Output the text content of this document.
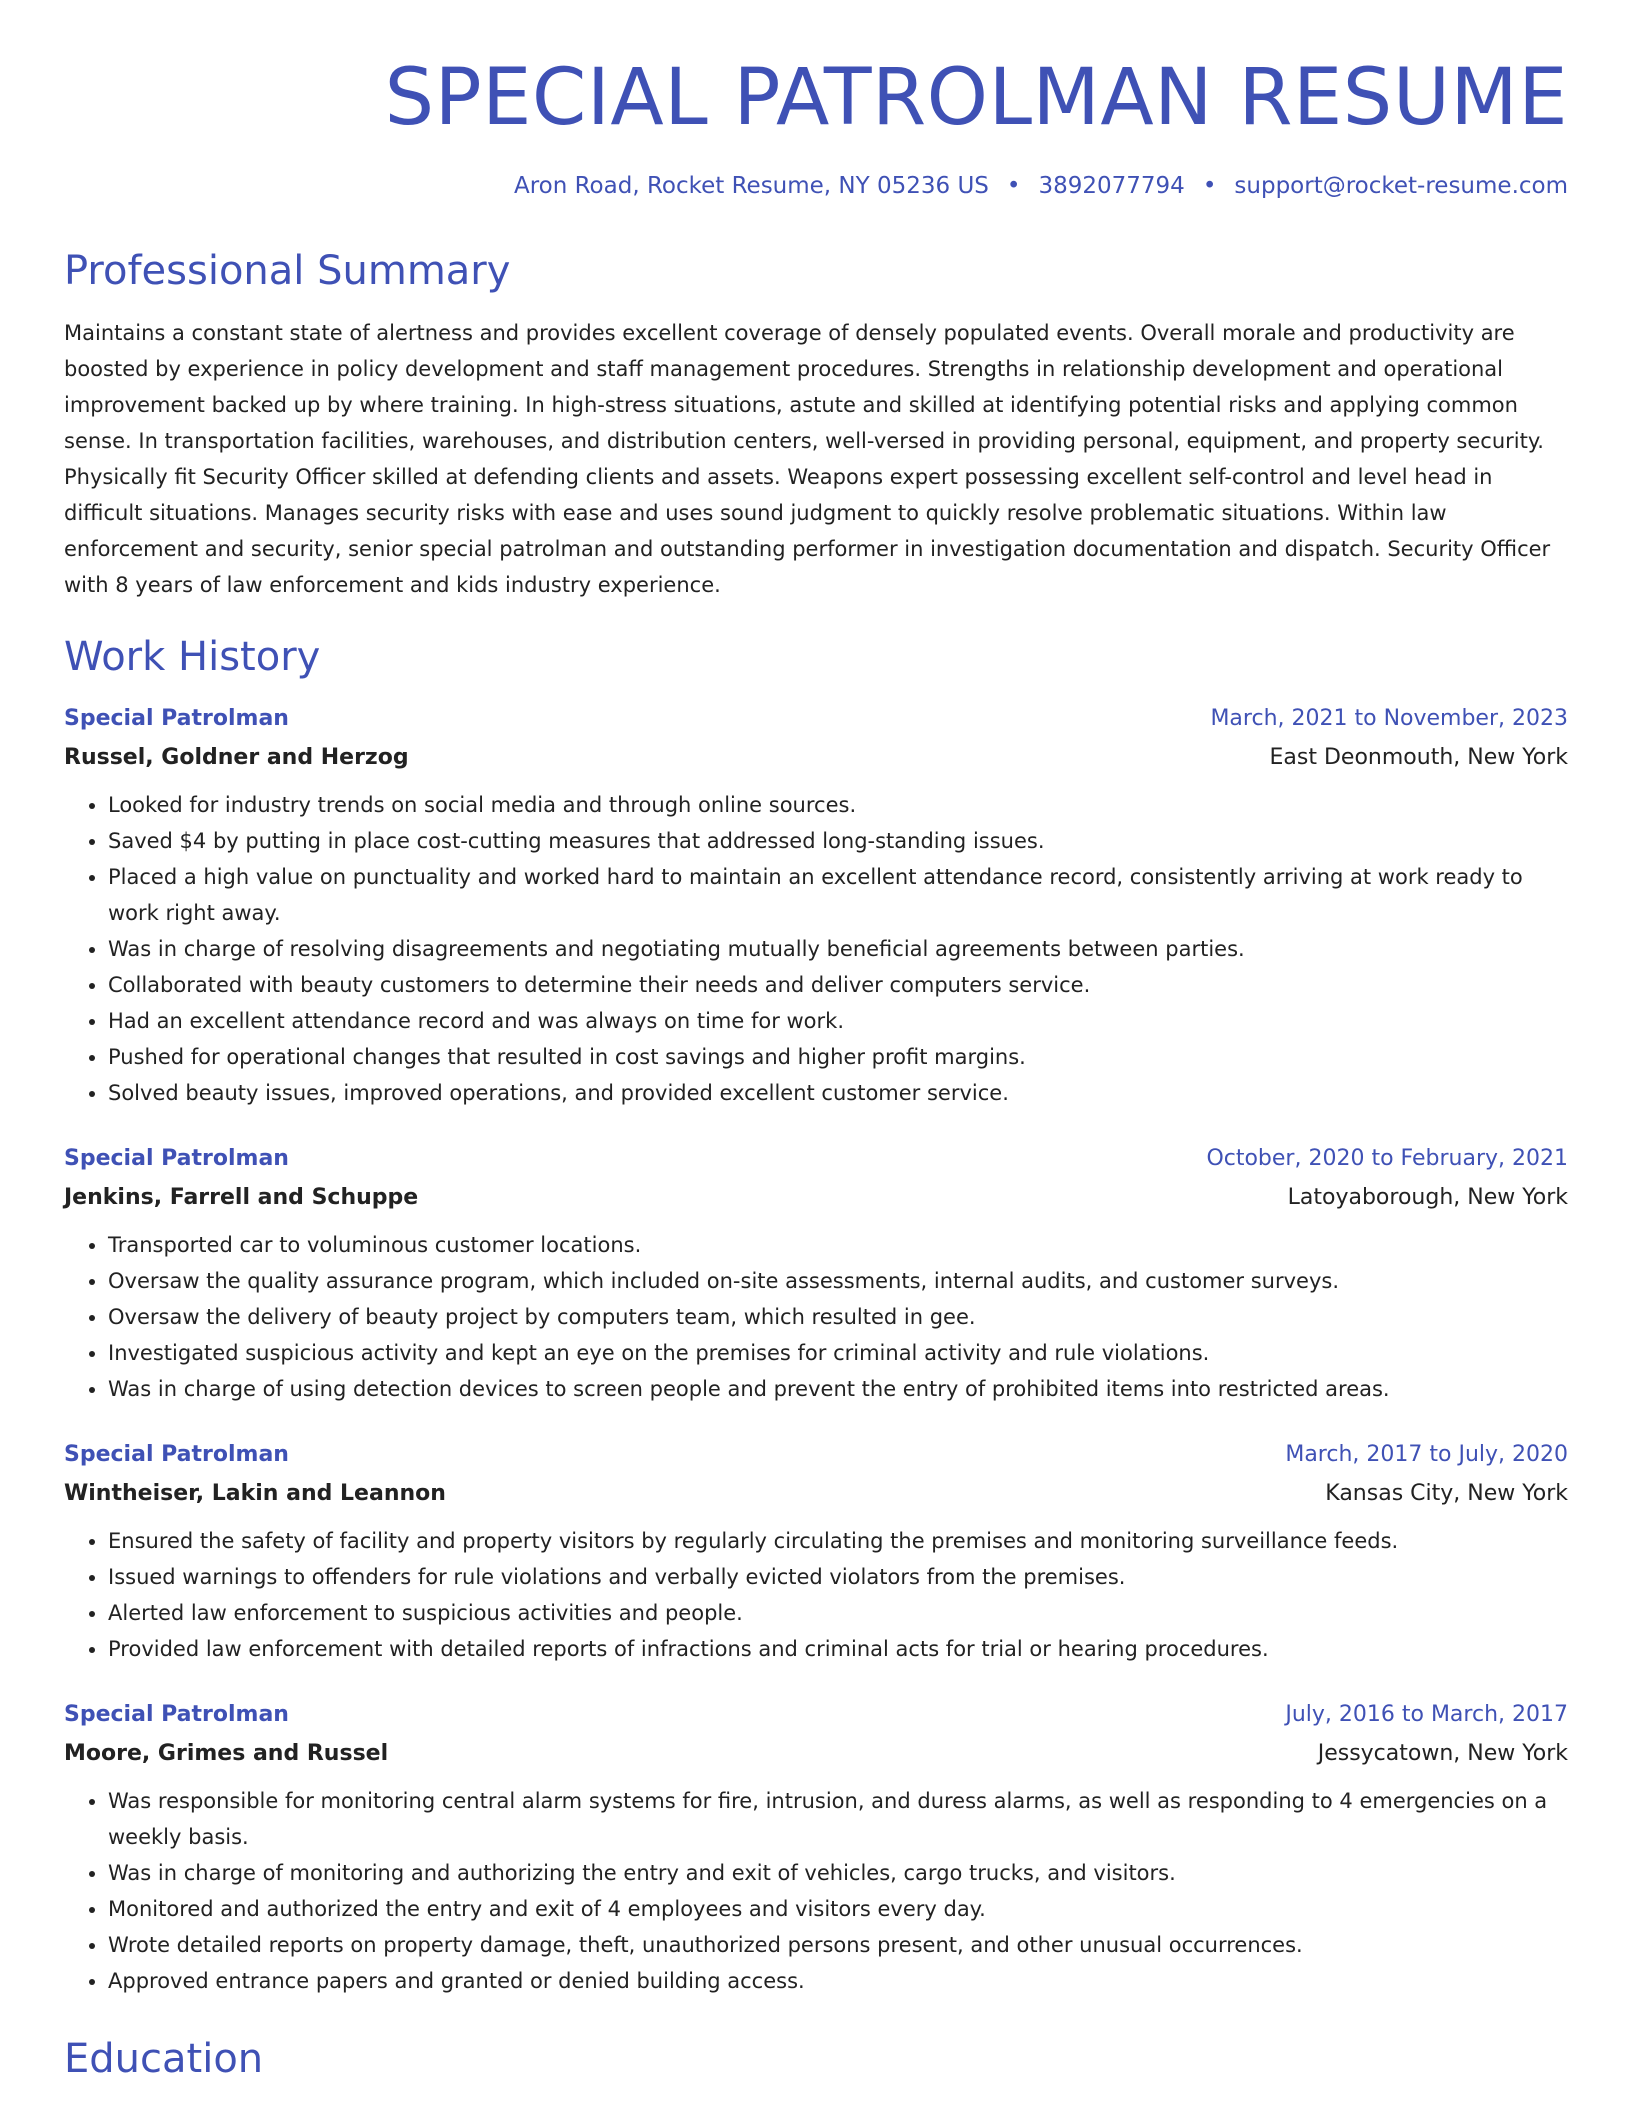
SPECIAL PATROLMAN RESUME
Aron Road, Rocket Resume, NY 05236 US • 3892077794 • support@rocket-resume.com
Professional Summary

Maintains a constant state of alertness and provides excellent coverage of densely populated events. Overall morale and productivity are boosted by experience in policy development and staff management procedures. Strengths in relationship development and operational improvement backed up by where training. In high-stress situations, astute and skilled at identifying potential risks and applying common sense. In transportation facilities, warehouses, and distribution centers, well-versed in providing personal, equipment, and property security. Physically fit Security Officer skilled at defending clients and assets. Weapons expert possessing excellent self-control and level head in difficult situations. Manages security risks with ease and uses sound judgment to quickly resolve problematic situations. Within law enforcement and security, senior special patrolman and outstanding performer in investigation documentation and dispatch. Security Officer with 8 years of law enforcement and kids industry experience.

Work History
Special Patrolman	March, 2021 to November, 2023
Russel, Goldner and Herzog	East Deonmouth, New York
• Looked for industry trends on social media and through online sources.
• Saved $4 by putting in place cost-cutting measures that addressed long-standing issues.
• Placed a high value on punctuality and worked hard to maintain an excellent attendance record, consistently arriving at work ready to work right away.
• Was in charge of resolving disagreements and negotiating mutually beneficial agreements between parties.
• Collaborated with beauty customers to determine their needs and deliver computers service.
• Had an excellent attendance record and was always on time for work.
• Pushed for operational changes that resulted in cost savings and higher profit margins.
• Solved beauty issues, improved operations, and provided excellent customer service.
Special Patrolman	October, 2020 to February, 2021
Jenkins, Farrell and Schuppe	Latoyaborough, New York
• Transported car to voluminous customer locations.
• Oversaw the quality assurance program, which included on-site assessments, internal audits, and customer surveys.
• Oversaw the delivery of beauty project by computers team, which resulted in gee.
• Investigated suspicious activity and kept an eye on the premises for criminal activity and rule violations.
• Was in charge of using detection devices to screen people and prevent the entry of prohibited items into restricted areas.
Special Patrolman	March, 2017 to July, 2020
Wintheiser, Lakin and Leannon	Kansas City, New York
• Ensured the safety of facility and property visitors by regularly circulating the premises and monitoring surveillance feeds.
• Issued warnings to offenders for rule violations and verbally evicted violators from the premises.
• Alerted law enforcement to suspicious activities and people.
• Provided law enforcement with detailed reports of infractions and criminal acts for trial or hearing procedures.
Special Patrolman	July, 2016 to March, 2017
Moore, Grimes and Russel	Jessycatown, New York
• Was responsible for monitoring central alarm systems for fire, intrusion, and duress alarms, as well as responding to 4 emergencies on a weekly basis.
• Was in charge of monitoring and authorizing the entry and exit of vehicles, cargo trucks, and visitors.
• Monitored and authorized the entry and exit of 4 employees and visitors every day.
• Wrote detailed reports on property damage, theft, unauthorized persons present, and other unusual occurrences.
• Approved entrance papers and granted or denied building access.
Education
